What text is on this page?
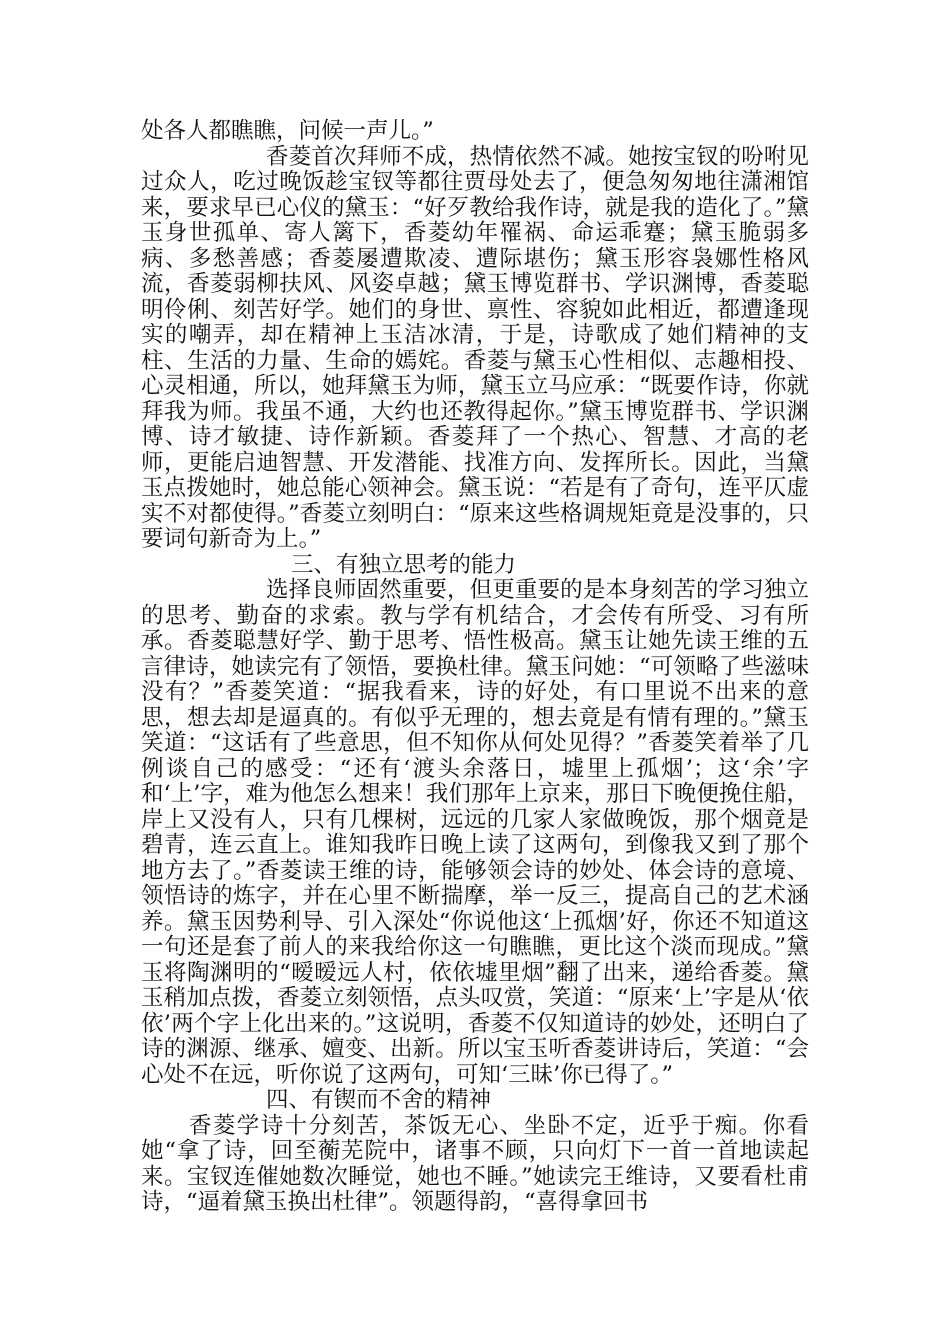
处各人都瞧瞧，问候一声儿。”

香菱首次拜师不成，热情依然不减。她按宝钗的吩咐见过众人，吃过晚饭趁宝钗等都往贾母处去了，便急匆匆地往潇湘馆来，要求早已心仪的黛玉：“好歹教给我作诗，就是我的造化了。”黛玉身世孤单、寄人篱下，香菱幼年罹祸、命运乖蹇；黛玉脆弱多病、多愁善感；香菱屡遭欺凌、遭际堪伤；黛玉形容袅娜性格风流，香菱弱柳扶风、风姿卓越；黛玉博览群书、学识渊博，香菱聪明伶俐、刻苦好学。她们的身世、禀性、容貌如此相近，都遭逢现实的嘲弄，却在精神上玉洁冰清，于是，诗歌成了她们精神的支柱、生活的力量、生命的嫣姹。香菱与黛玉心性相似、志趣相投、心灵相通，所以，她拜黛玉为师，黛玉立马应承：“既要作诗，你就拜我为师。我虽不通，大约也还教得起你。”黛玉博览群书、学识渊博、诗才敏捷、诗作新颖。香菱拜了一个热心、智慧、才高的老师，更能启迪智慧、开发潜能、找准方向、发挥所长。因此，当黛玉点拨她时，她总能心领神会。黛玉说：“若是有了奇句，连平仄虚实不对都使得。”香菱立刻明白：“原来这些格调规矩竟是没事的，只要词句新奇为上。”

三、有独立思考的能力

选择良师固然重要，但更重要的是本身刻苦的学习独立的思考、勤奋的求索。教与学有机结合，才会传有所受、习有所承。香菱聪慧好学、勤于思考、悟性极高。黛玉让她先读王维的五言律诗，她读完有了领悟，要换杜律。黛玉问她：“可领略了些滋味没有？”香菱笑道：“据我看来，诗的好处，有口里说不出来的意思，想去却是逼真的。有似乎无理的，想去竟是有情有理的。”黛玉笑道：“这话有了些意思，但不知你从何处见得？”香菱笑着举了几例谈自己的感受：“还有‘渡头余落日，墟里上孤烟’；这‘余’字和‘上’字，难为他怎么想来！我们那年上京来，那日下晚便挽住船，岸上又没有人，只有几棵树，远远的几家人家做晚饭，那个烟竟是碧青，连云直上。谁知我昨日晚上读了这两句，到像我又到了那个地方去了。”香菱读王维的诗，能够领会诗的妙处、体会诗的意境、领悟诗的炼字，并在心里不断揣摩，举一反三，提高自己的艺术涵养。黛玉因势利导、引入深处“你说他这‘上孤烟’好，你还不知道这一句还是套了前人的来我给你这一句瞧瞧，更比这个淡而现成。”黛玉将陶渊明的“暧暧远人村，依依墟里烟”翻了出来，递给香菱。黛玉稍加点拨，香菱立刻领悟，点头叹赏，笑道：“原来‘上’字是从‘依依’两个字上化出来的。”这说明，香菱不仅知道诗的妙处，还明白了诗的渊源、继承、嬗变、出新。所以宝玉听香菱讲诗后，笑道：“会心处不在远，听你说了这两句，可知‘三昧’你已得了。”

四、有锲而不舍的精神

香菱学诗十分刻苦，茶饭无心、坐卧不定，近乎于痴。你看她“拿了诗，回至蘅芜院中，诸事不顾，只向灯下一首一首地读起来。宝钗连催她数次睡觉，她也不睡。”她读完王维诗，又要看杜甫诗，“逼着黛玉换出杜律”。领题得韵，“喜得拿回书
